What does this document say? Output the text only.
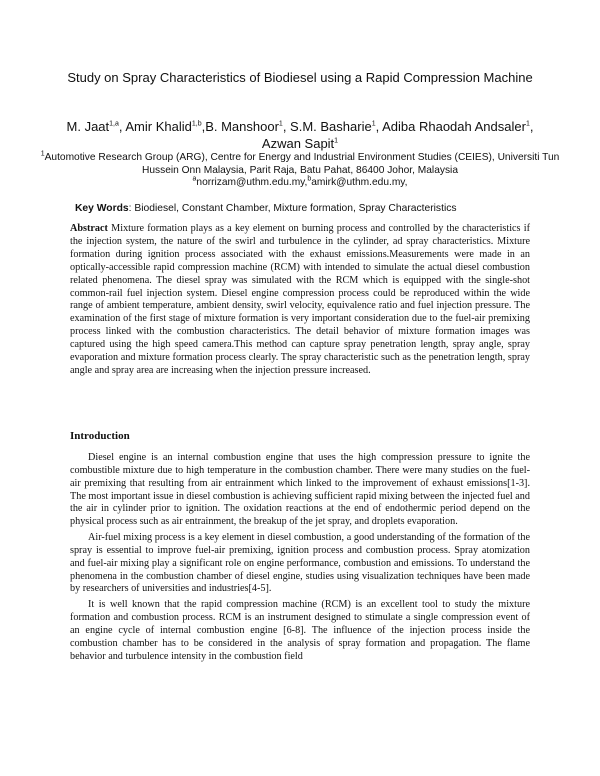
Study on Spray Characteristics of Biodiesel using a Rapid Compression Machine
M. Jaat$^{1,a}$, Amir Khalid$^{1,b}$,B. Manshoor$^1$, S.M. Basharie$^1$, Adiba Rhaodah Andsaler$^1$, Azwan Sapit$^1$
$^1$Automotive Research Group (ARG), Centre for Energy and Industrial Environment Studies (CEIES), Universiti Tun Hussein Onn Malaysia, Parit Raja, Batu Pahat, 86400 Johor, Malaysia
$^a$norrizam@uthm.edu.my,$^b$amirk@uthm.edu.my,
Key Words: Biodiesel, Constant Chamber, Mixture formation, Spray Characteristics

Abstract Mixture formation plays as a key element on burning process and controlled by the characteristics if the injection system, the nature of the swirl and turbulence in the cylinder, ad spray characteristics. Mixture formation during ignition process associated with the exhaust emissions.Measurements were made in an optically-accessible rapid compression machine (RCM) with intended to simulate the actual diesel combustion related phenomena. The diesel spray was simulated with the RCM which is equipped with the single-shot common-rail fuel injection system. Diesel engine compression process could be reproduced within the wide range of ambient temperature, ambient density, swirl velocity, equivalence ratio and fuel injection pressure. The examination of the first stage of mixture formation is very important consideration due to the fuel-air premixing process linked with the combustion characteristics. The detail behavior of mixture formation images was captured using the high speed camera.This method can capture spray penetration length, spray angle, spray evaporation and mixture formation process clearly. The spray characteristic such as the penetration length, spray angle and spray area are increasing when the injection pressure increased.

Introduction

Diesel engine is an internal combustion engine that uses the high compression pressure to ignite the combustible mixture due to high temperature in the combustion chamber. There were many studies on the fuel-air premixing that resulting from air entrainment which linked to the improvement of exhaust emissions[1-3]. The most important issue in diesel combustion is achieving sufficient rapid mixing between the injected fuel and the air in cylinder prior to ignition. The oxidation reactions at the end of endothermic period depend on the physical process such as air entrainment, the breakup of the jet spray, and droplets evaporation.

Air-fuel mixing process is a key element in diesel combustion, a good understanding of the formation of the spray is essential to improve fuel-air premixing, ignition process and combustion process. Spray atomization and fuel-air mixing play a significant role on engine performance, combustion and emissions. To understand the phenomena in the combustion chamber of diesel engine, studies using visualization techniques have been made by researchers of universities and industries[4-5].

It is well known that the rapid compression machine (RCM) is an excellent tool to study the mixture formation and combustion process. RCM is an instrument designed to stimulate a single compression event of an engine cycle of internal combustion engine [6-8]. The influence of the injection process inside the combustion chamber has to be considered in the analysis of spray formation and propagation. The flame behavior and turbulence intensity in the combustion field
